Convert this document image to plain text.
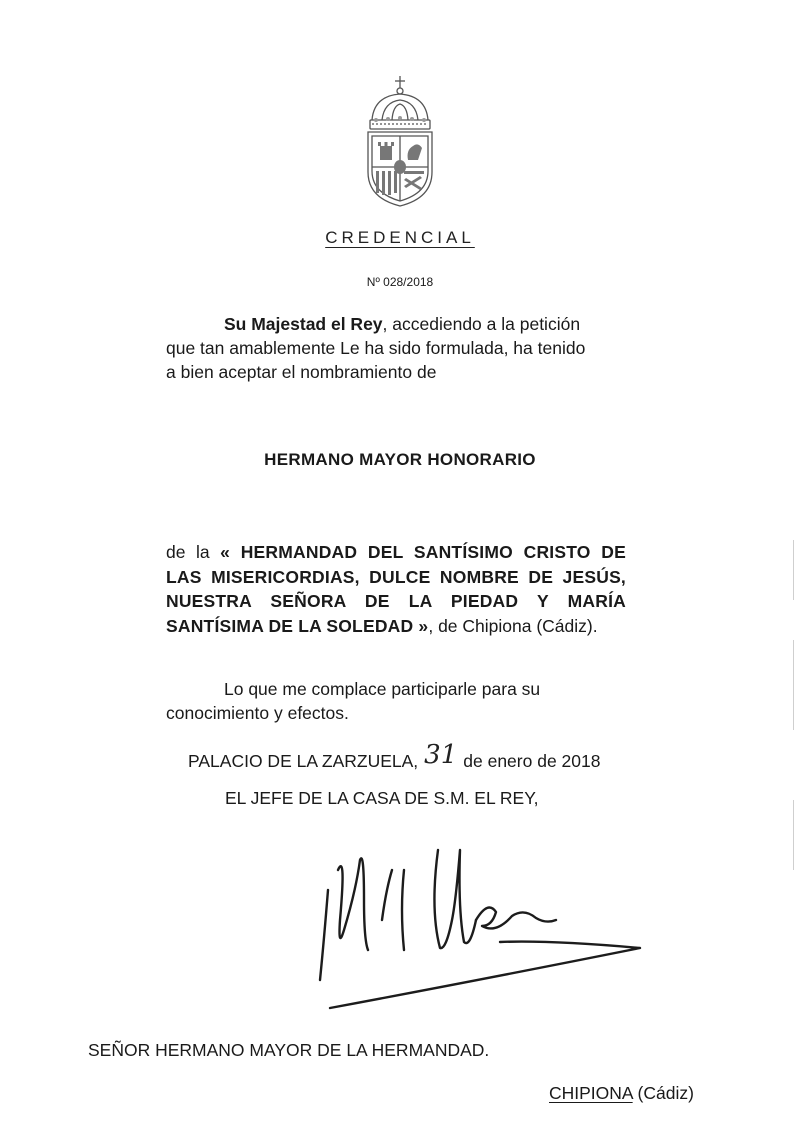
CREDENCIAL
Nº 028/2018
Su Majestad el Rey, accediendo a la petición
que tan amablemente Le ha sido formulada, ha tenido
a bien aceptar el nombramiento de
HERMANO MAYOR HONORARIO
de la « HERMANDAD DEL SANTÍSIMO CRISTO DE LAS MISERICORDIAS, DULCE NOMBRE DE JESÚS, NUESTRA SEÑORA DE LA PIEDAD Y MARÍA SANTÍSIMA DE LA SOLEDAD », de Chipiona (Cádiz).
Lo que me complace participarle para su
conocimiento y efectos.
PALACIO DE LA ZARZUELA, 31 de enero de 2018
EL JEFE DE LA CASA DE S.M. EL REY,
SEÑOR HERMANO MAYOR DE LA HERMANDAD.
CHIPIONA (Cádiz)
